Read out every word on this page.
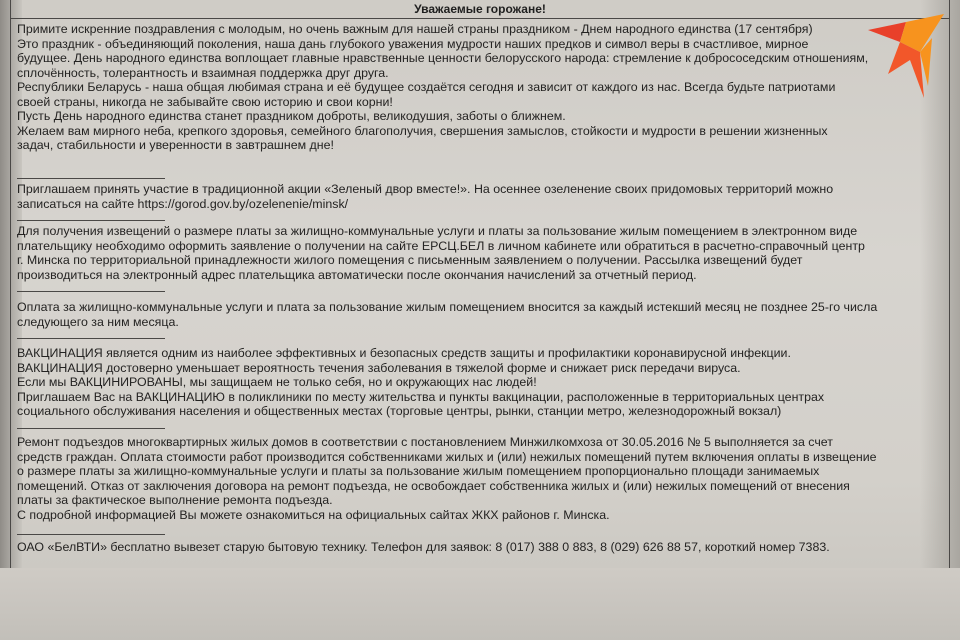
Уважаемые горожане!
Примите искренние поздравления с молодым, но очень важным для нашей страны праздником - Днем народного единства (17 сентября)
Это праздник - объединяющий поколения, наша дань глубокого уважения мудрости наших предков и символ веры в счастливое, мирное
будущее. День народного единства воплощает главные нравственные ценности белорусского народа: стремление к добрососедским отношениям,
сплочённость, толерантность и взаимная поддержка друг друга.
Республики Беларусь - наша общая любимая страна и её будущее создаётся сегодня и зависит от каждого из нас. Всегда будьте патриотами
своей страны, никогда не забывайте свою историю и свои корни!
Пусть День народного единства станет праздником доброты, великодушия, заботы о ближнем.
Желаем вам мирного неба, крепкого здоровья, семейного благополучия, свершения замыслов, стойкости и мудрости в решении жизненных
задач, стабильности и уверенности в завтрашнем дне!
Приглашаем принять участие в традиционной акции «Зеленый двор вместе!». На осеннее озеленение своих придомовых территорий можно
записаться на сайте https://gorod.gov.by/ozelenenie/minsk/
Для получения извещений о размере платы за жилищно-коммунальные услуги и платы за пользование жилым помещением в электронном виде
плательщику необходимо оформить заявление о получении на сайте ЕРСЦ.БЕЛ в личном кабинете или обратиться в расчетно-справочный центр
г. Минска по территориальной принадлежности жилого помещения с письменным заявлением о получении. Рассылка извещений будет
производиться на электронный адрес плательщика автоматически после окончания начислений за отчетный период.
Оплата за жилищно-коммунальные услуги и плата за пользование жилым помещением вносится за каждый истекший месяц не позднее 25-го числа
следующего за ним месяца.
ВАКЦИНАЦИЯ является одним из наиболее эффективных и безопасных средств защиты и профилактики коронавирусной инфекции.
ВАКЦИНАЦИЯ достоверно уменьшает вероятность течения заболевания в тяжелой форме и снижает риск передачи вируса.
Если мы ВАКЦИНИРОВАНЫ, мы защищаем не только себя, но и окружающих нас людей!
Приглашаем Вас на ВАКЦИНАЦИЮ в поликлиники по месту жительства и пункты вакцинации, расположенные в территориальных центрах
социального обслуживания населения и общественных местах (торговые центры, рынки, станции метро, железнодорожный вокзал)
Ремонт подъездов многоквартирных жилых домов в соответствии с постановлением Минжилкомхоза от 30.05.2016 № 5 выполняется за счет
средств граждан. Оплата стоимости работ производится собственниками жилых и (или) нежилых помещений путем включения оплаты в извещение
о размере платы за жилищно-коммунальные услуги и платы за пользование жилым помещением пропорционально площади занимаемых
помещений. Отказ от заключения договора на ремонт подъезда, не освобождает собственника жилых и (или) нежилых помещений от внесения
платы за фактическое выполнение ремонта подъезда.
С подробной информацией Вы можете ознакомиться на официальных сайтах ЖКХ районов г. Минска.
ОАО «БелВТИ» бесплатно вывезет старую бытовую технику. Телефон для заявок: 8 (017) 388 0 883, 8 (029) 626 88 57, короткий номер 7383.
